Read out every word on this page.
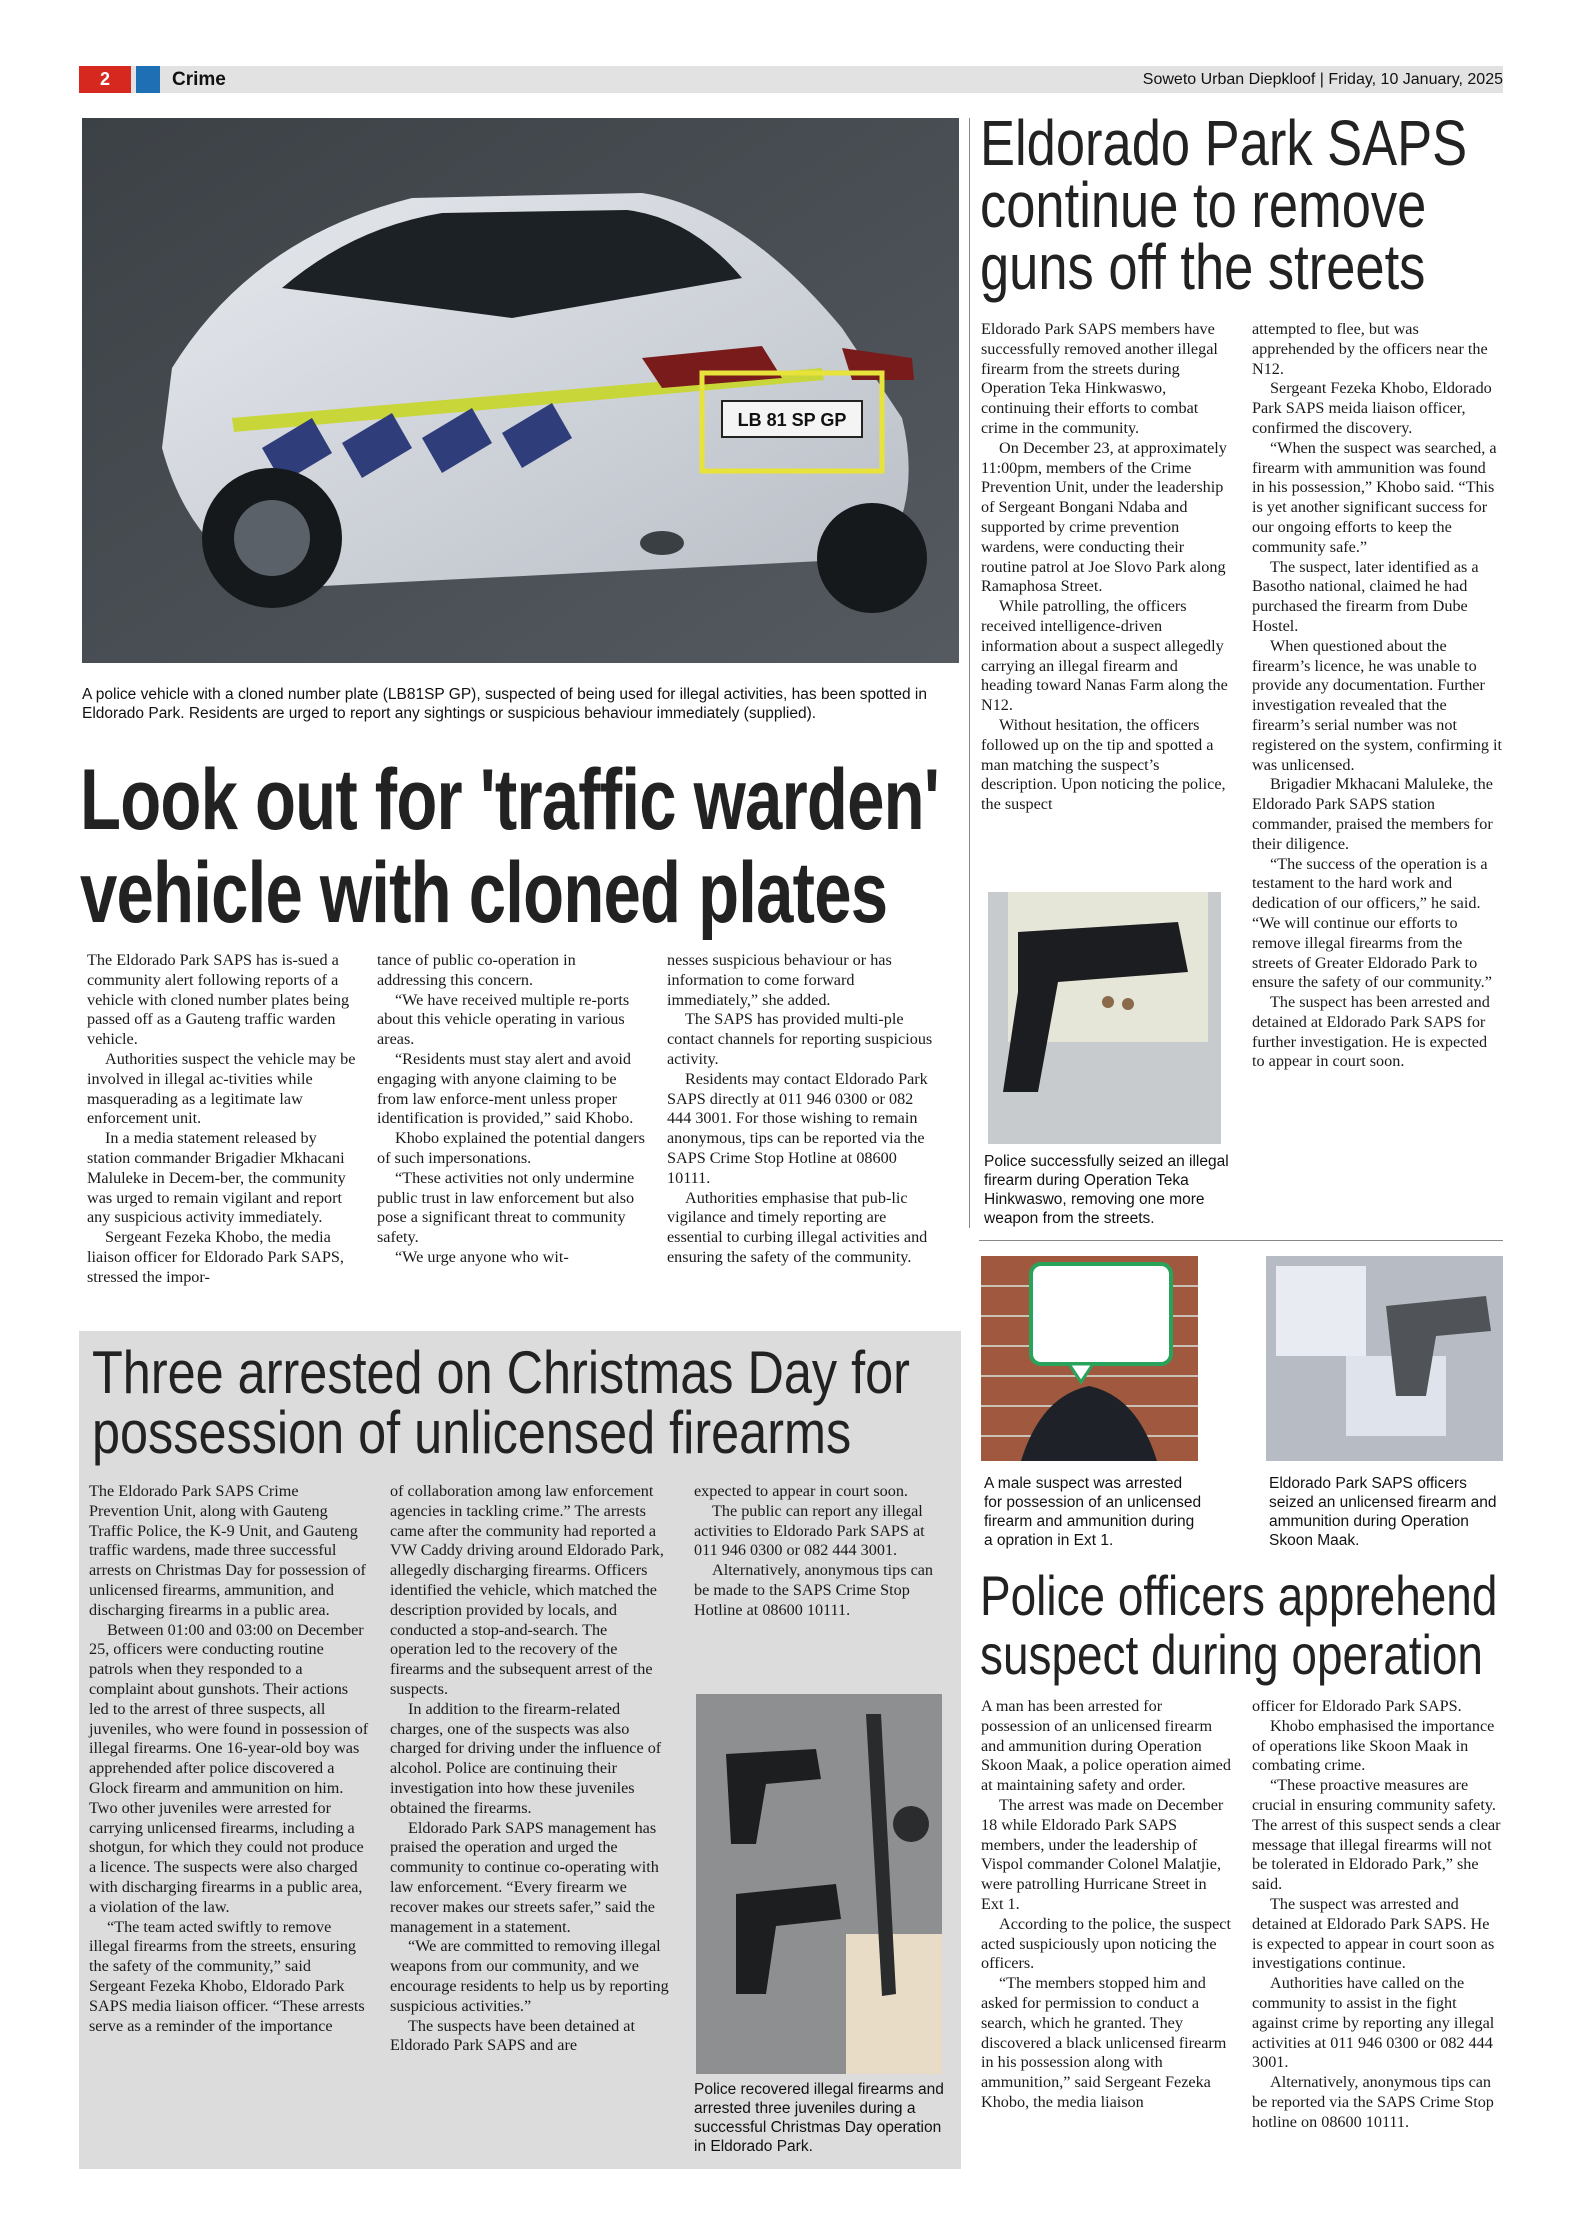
2	Crime	Soweto Urban Diepkloof | Friday, 10 January, 2025
LB 81 SP GP
A police vehicle with a cloned number plate (LB81SP GP), suspected of being used for illegal activities, has been spotted in Eldorado Park. Residents are urged to report any sightings or suspicious behaviour immediately (supplied).
Look out for 'traffic warden'
vehicle with cloned plates

The Eldorado Park SAPS has is-sued a community alert following reports of a vehicle with cloned number plates being passed off as a Gauteng traffic warden vehicle.

Authorities suspect the vehicle may be involved in illegal ac-tivities while masquerading as a legitimate law enforcement unit.

In a media statement released by station commander Brigadier Mkhacani Maluleke in Decem-ber, the community was urged to remain vigilant and report any suspicious activity immediately.

Sergeant Fezeka Khobo, the media liaison officer for Eldorado Park SAPS, stressed the impor-

tance of public co-operation in addressing this concern.

“We have received multiple re-ports about this vehicle operating in various areas.

“Residents must stay alert and avoid engaging with anyone claiming to be from law enforce-ment unless proper identification is provided,” said Khobo.

Khobo explained the potential dangers of such impersonations.

“These activities not only undermine public trust in law enforcement but also pose a significant threat to community safety.

“We urge anyone who wit-

nesses suspicious behaviour or has information to come forward immediately,” she added.

The SAPS has provided multi-ple contact channels for reporting suspicious activity.

Residents may contact Eldorado Park SAPS directly at 011 946 0300 or 082 444 3001. For those wishing to remain anonymous, tips can be reported via the SAPS Crime Stop Hotline at 08600 10111.

Authorities emphasise that pub-lic vigilance and timely reporting are essential to curbing illegal activities and ensuring the safety of the community.

Eldorado Park SAPS
continue to remove
guns off the streets

Eldorado Park SAPS members have successfully removed another illegal firearm from the streets during Operation Teka Hinkwaswo, continuing their efforts to combat crime in the community.

On December 23, at approximately 11:00pm, members of the Crime Prevention Unit, under the leadership of Sergeant Bongani Ndaba and supported by crime prevention wardens, were conducting their routine patrol at Joe Slovo Park along Ramaphosa Street.

While patrolling, the officers received intelligence-driven information about a suspect allegedly carrying an illegal firearm and heading toward Nanas Farm along the N12.

Without hesitation, the officers followed up on the tip and spotted a man matching the suspect’s description. Upon noticing the police, the suspect

attempted to flee, but was apprehended by the officers near the N12.

Sergeant Fezeka Khobo, Eldorado Park SAPS meida liaison officer, confirmed the discovery.

“When the suspect was searched, a firearm with ammunition was found in his possession,” Khobo said. “This is yet another significant success for our ongoing efforts to keep the community safe.”

The suspect, later identified as a Basotho national, claimed he had purchased the firearm from Dube Hostel.

When questioned about the firearm’s licence, he was unable to provide any documentation. Further investigation revealed that the firearm’s serial number was not registered on the system, confirming it was unlicensed.

Brigadier Mkhacani Maluleke, the Eldorado Park SAPS station commander, praised the members for their diligence.

“The success of the operation is a testament to the hard work and dedication of our officers,” he said. “We will continue our efforts to remove illegal firearms from the streets of Greater Eldorado Park to ensure the safety of our community.”

The suspect has been arrested and detained at Eldorado Park SAPS for further investigation. He is expected to appear in court soon.

Police successfully seized an illegal firearm during Operation Teka Hinkwaswo, removing one more weapon from the streets.
Three arrested on Christmas Day for
possession of unlicensed firearms

The Eldorado Park SAPS Crime Prevention Unit, along with Gauteng Traffic Police, the K-9 Unit, and Gauteng traffic wardens, made three successful arrests on Christmas Day for possession of unlicensed firearms, ammunition, and discharging firearms in a public area.

Between 01:00 and 03:00 on December 25, officers were conducting routine patrols when they responded to a complaint about gunshots. Their actions led to the arrest of three suspects, all juveniles, who were found in possession of illegal firearms. One 16-year-old boy was apprehended after police discovered a Glock firearm and ammunition on him. Two other juveniles were arrested for carrying unlicensed firearms, including a shotgun, for which they could not produce a licence. The suspects were also charged with discharging firearms in a public area, a violation of the law.

“The team acted swiftly to remove illegal firearms from the streets, ensuring the safety of the community,” said Sergeant Fezeka Khobo, Eldorado Park SAPS media liaison officer. “These arrests serve as a reminder of the importance

of collaboration among law enforcement agencies in tackling crime.” The arrests came after the community had reported a VW Caddy driving around Eldorado Park, allegedly discharging firearms. Officers identified the vehicle, which matched the description provided by locals, and conducted a stop-and-search. The operation led to the recovery of the firearms and the subsequent arrest of the suspects.

In addition to the firearm-related charges, one of the suspects was also charged for driving under the influence of alcohol. Police are continuing their investigation into how these juveniles obtained the firearms.

Eldorado Park SAPS management has praised the operation and urged the community to continue co-operating with law enforcement. “Every firearm we recover makes our streets safer,” said the management in a statement.

“We are committed to removing illegal weapons from our community, and we encourage residents to help us by reporting suspicious activities.”

The suspects have been detained at Eldorado Park SAPS and are

expected to appear in court soon.

The public can report any illegal activities to Eldorado Park SAPS at 011 946 0300 or 082 444 3001.

Alternatively, anonymous tips can be made to the SAPS Crime Stop Hotline at 08600 10111.

Police recovered illegal firearms and arrested three juveniles during a successful Christmas Day operation in Eldorado Park.
A male suspect was arrested for possession of an unlicensed firearm and ammunition during a opration in Ext 1.
Eldorado Park SAPS officers seized an unlicensed firearm and ammunition during Operation Skoon Maak.
Police officers apprehend
suspect during operation

A man has been arrested for possession of an unlicensed firearm and ammunition during Operation Skoon Maak, a police operation aimed at maintaining safety and order.

The arrest was made on December 18 while Eldorado Park SAPS members, under the leadership of Vispol commander Colonel Malatjie, were patrolling Hurricane Street in Ext 1.

According to the police, the suspect acted suspiciously upon noticing the officers.

“The members stopped him and asked for permission to conduct a search, which he granted. They discovered a black unlicensed firearm in his possession along with ammunition,” said Sergeant Fezeka Khobo, the media liaison

officer for Eldorado Park SAPS.

Khobo emphasised the importance of operations like Skoon Maak in combating crime.

“These proactive measures are crucial in ensuring community safety. The arrest of this suspect sends a clear message that illegal firearms will not be tolerated in Eldorado Park,” she said.

The suspect was arrested and detained at Eldorado Park SAPS. He is expected to appear in court soon as investigations continue.

Authorities have called on the community to assist in the fight against crime by reporting any illegal activities at 011 946 0300 or 082 444 3001.

Alternatively, anonymous tips can be reported via the SAPS Crime Stop hotline on 08600 10111.
